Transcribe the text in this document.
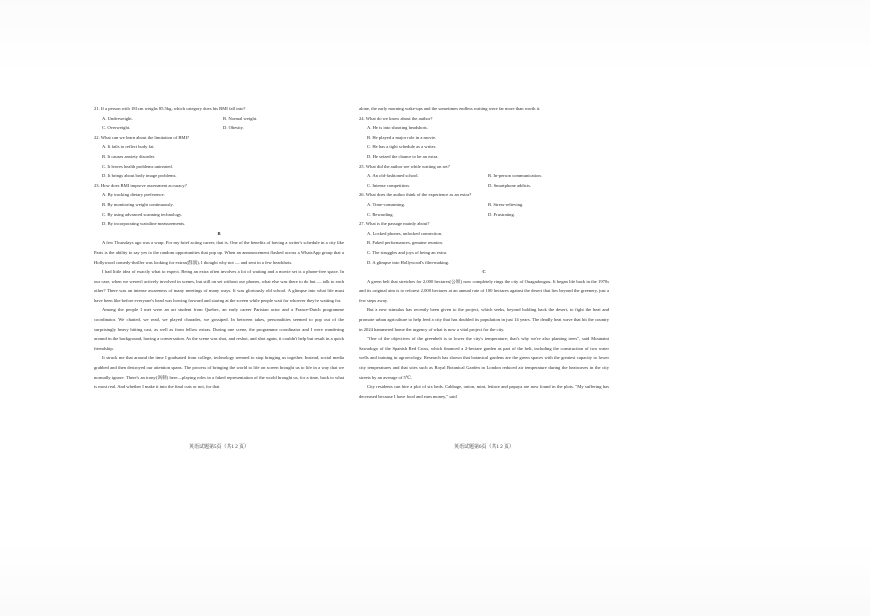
21. If a person with 181cm weighs 85.5kg, which category does his BMI fall into?

A. Underweight.	B. Normal weight.
C. Overweight.	D. Obesity.

22. What can we learn about the limitation of BMI?

A. It fails to reflect body fat.
B. It causes anxiety disorder.
C. It leaves health problems untreated.
D. It brings about body image problems.

23. How does BMI improve assessment accuracy?

A. By tracking dietary preference.
B. By monitoring weight continuously.
C. By using advanced scanning technology.
D. By incorporating waistline measurements.

B

A few Thursdays ago was a wrap. For my brief acting career, that is. One of the benefits of having a writer's schedule in a city like Paris is the ability to say yes to the random opportunities that pop up. When an announcement flashed across a WhatsApp group that a Hollywood comedy-thriller was looking for extras(群演), I thought why not — and sent in a few headshots.

I had little idea of exactly what to expect. Being an extra often involves a lot of waiting and a movie set is a phone-free space. In our case, when we weren't actively involved in scenes, but still on set without our phones, what else was there to do but — talk to each other? There was an intense awareness of many meetings of many ways. It was gloriously old school. A glimpse into what life must have been like before everyone's head was bowing forward and staring at the screen while people wait for whoever they're waiting for.

Among the people I met were an art student from Quebec, an early career Parisian actor and a France-Dutch programme coordinator. We chatted, we read, we played charades, we gossiped. In between takes, personalities seemed to pop out of the surprisingly heavy hitting cast, as well as from fellow extras. During one scene, the programme coordinator and I were wandering around in the background, having a conversation. As the scene was shot, and reshot, and shot again, it couldn't help but result in a quick friendship.

It struck me that around the time I graduated from college, technology seemed to stop bringing us together. Instead, social media grabbed and then destroyed our attention spans. The process of bringing the world to life on screen brought us to life in a way that we normally ignore. There's an irony(讽刺) here—playing roles in a faked representation of the world brought us, for a time, back to what is most real. And whether I make it into the final cuts or not, for that

alone, the early morning wake-ups and the sometimes endless waiting were far more than worth it.

24. What do we know about the author?

A. He is into shooting headshots.
B. He played a major role in a movie.
C. He has a tight schedule as a writer.
D. He seized the chance to be an extra.

25. What did the author see while waiting on set?

A. An old-fashioned school.	B. In-person communication.
C. Intense competition.	D. Smartphone addicts.

26. What does the author think of the experience as an extra?

A. Time-consuming.	B. Stress-relieving.
C. Rewarding.	D. Frustrating.

27. What is the passage mainly about?

A. Locked phones, unlocked connection.
B. Faked performances, genuine reunion.
C. The struggles and joys of being an extra.
D. A glimpse into Hollywood's film-making.

C

A green belt that stretches for 2,000 hectares(公顷) now completely rings the city of Ouagadougou. It began life back in the 1970s and its original aim is to reforest 2,000 hectares at an annual rate of 100 hectares against the desert that lies beyond the greenery, just a few steps away.

But a new stimulus has recently been given to the project, which seeks, beyond holding back the desert, to fight the heat and promote urban agriculture to help feed a city that has doubled its population in just 14 years. The deadly heat wave that hit the country in 2024 hammered home the urgency of what is now a vital project for the city.

"One of the objectives of the greenbelt is to lower the city's temperature; that's why we're also planting trees", said Mounaini Sawadogo of the Spanish Red Cross, which financed a 2-hectare garden as part of the belt, including the construction of two water wells and training in agroecology. Research has shown that botanical gardens are the green spaces with the greatest capacity to lower city temperatures and that sites such as Royal Botanical Garden in London reduced air temperature during the heatwaves in the city streets by an average of 5℃.

City residents can hire a plot of six beds. Cabbage, onion, mint, lettuce and papaya are now found in the plots. "My suffering has decreased because I have food and earn money," said

英语试题第5页（共1 2 页）	英语试题第6页（共1 2 页）
